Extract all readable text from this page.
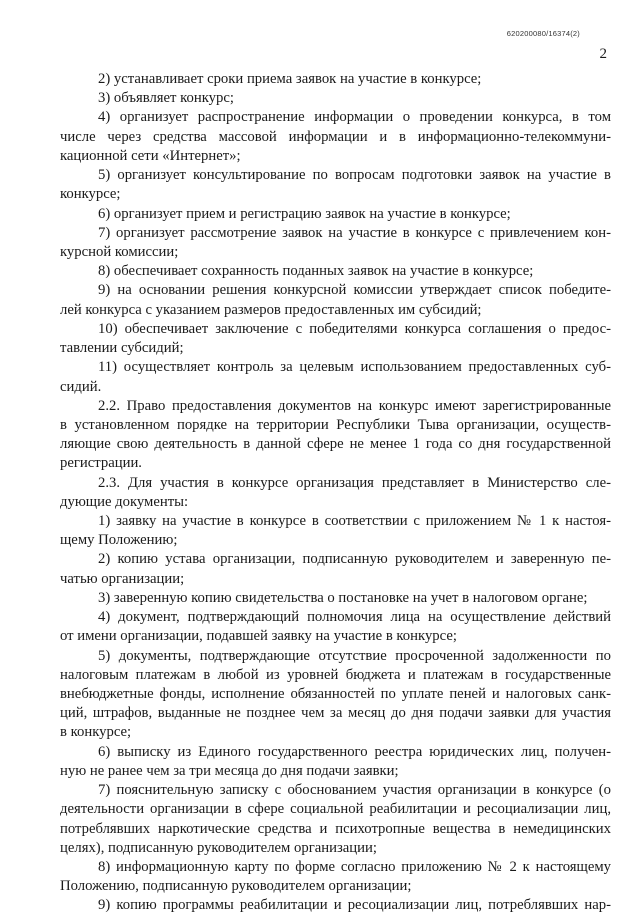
620200080/16374(2)
2
2) устанавливает сроки приема заявок на участие в конкурсе;
3) объявляет конкурс;
4) организует распространение информации о проведении конкурса, в том
числе через средства массовой информации и в информационно-телекоммуни-
кационной сети «Интернет»;
5) организует консультирование по вопросам подготовки заявок на участие в
конкурсе;
6) организует прием и регистрацию заявок на участие в конкурсе;
7) организует рассмотрение заявок на участие в конкурсе с привлечением кон-
курсной комиссии;
8) обеспечивает сохранность поданных заявок на участие в конкурсе;
9) на основании решения конкурсной комиссии утверждает список победите-
лей конкурса с указанием размеров предоставленных им субсидий;
10) обеспечивает заключение с победителями конкурса соглашения о предос-
тавлении субсидий;
11) осуществляет контроль за целевым использованием предоставленных суб-
сидий.
2.2. Право предоставления документов на конкурс имеют зарегистрированные
в установленном порядке на территории Республики Тыва организации, осуществ-
ляющие свою деятельность в данной сфере не менее 1 года со дня государственной
регистрации.
2.3. Для участия в конкурсе организация представляет в Министерство сле-
дующие документы:
1) заявку на участие в конкурсе в соответствии с приложением № 1 к настоя-
щему Положению;
2) копию устава организации, подписанную руководителем и заверенную пе-
чатью организации;
3) заверенную копию свидетельства о постановке на учет в налоговом органе;
4) документ, подтверждающий полномочия лица на осуществление действий
от имени организации, подавшей заявку на участие в конкурсе;
5) документы, подтверждающие отсутствие просроченной задолженности по
налоговым платежам в любой из уровней бюджета и платежам в государственные
внебюджетные фонды, исполнение обязанностей по уплате пеней и налоговых санк-
ций, штрафов, выданные не позднее чем за месяц до дня подачи заявки для участия
в конкурсе;
6) выписку из Единого государственного реестра юридических лиц, получен-
ную не ранее чем за три месяца до дня подачи заявки;
7) пояснительную записку с обоснованием участия организации в конкурсе (о
деятельности организации в сфере социальной реабилитации и ресоциализации лиц,
потреблявших наркотические средства и психотропные вещества в немедицинских
целях), подписанную руководителем организации;
8) информационную карту по форме согласно приложению № 2 к настоящему
Положению, подписанную руководителем организации;
9) копию программы реабилитации и ресоциализации лиц, потреблявших нар-
